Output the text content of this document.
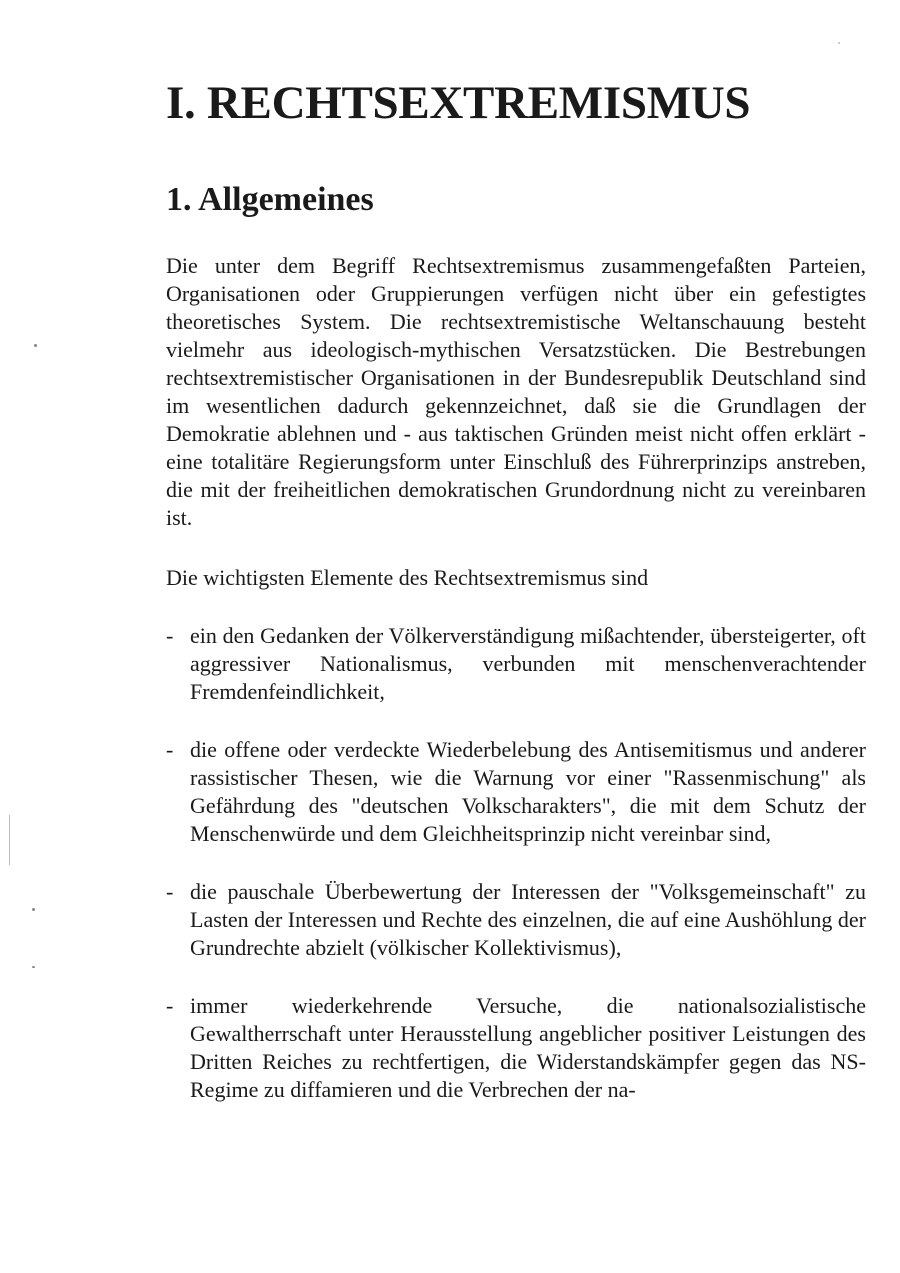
I. RECHTSEXTREMISMUS
1. Allgemeines

Die unter dem Begriff Rechtsextremismus zusammengefaßten Parteien, Organisationen oder Gruppierungen verfügen nicht über ein gefestigtes theoretisches System. Die rechtsextremistische Weltanschauung besteht vielmehr aus ideologisch-mythischen Versatzstücken. Die Bestrebungen rechtsextremistischer Organisationen in der Bundesrepublik Deutschland sind im wesentlichen dadurch gekennzeichnet, daß sie die Grundlagen der Demokratie ablehnen und - aus taktischen Gründen meist nicht offen erklärt - eine totalitäre Regierungsform unter Einschluß des Führerprinzips anstreben, die mit der freiheitlichen demokratischen Grundordnung nicht zu vereinbaren ist.

Die wichtigsten Elemente des Rechtsextremismus sind

- ein den Gedanken der Völkerverständigung mißachtender, übersteigerter, oft aggressiver Nationalismus, verbunden mit menschenverachtender Fremdenfeindlichkeit,
- die offene oder verdeckte Wiederbelebung des Antisemitismus und anderer rassistischer Thesen, wie die Warnung vor einer "Rassenmischung" als Gefährdung des "deutschen Volkscharakters", die mit dem Schutz der Menschenwürde und dem Gleichheitsprinzip nicht vereinbar sind,
- die pauschale Überbewertung der Interessen der "Volksgemeinschaft" zu Lasten der Interessen und Rechte des einzelnen, die auf eine Aushöhlung der Grundrechte abzielt (völkischer Kollektivismus),
- immer wiederkehrende Versuche, die nationalsozialistische Gewaltherrschaft unter Herausstellung angeblicher positiver Leistungen des Dritten Reiches zu rechtfertigen, die Widerstandskämpfer gegen das NS-Regime zu diffamieren und die Verbrechen der na-
